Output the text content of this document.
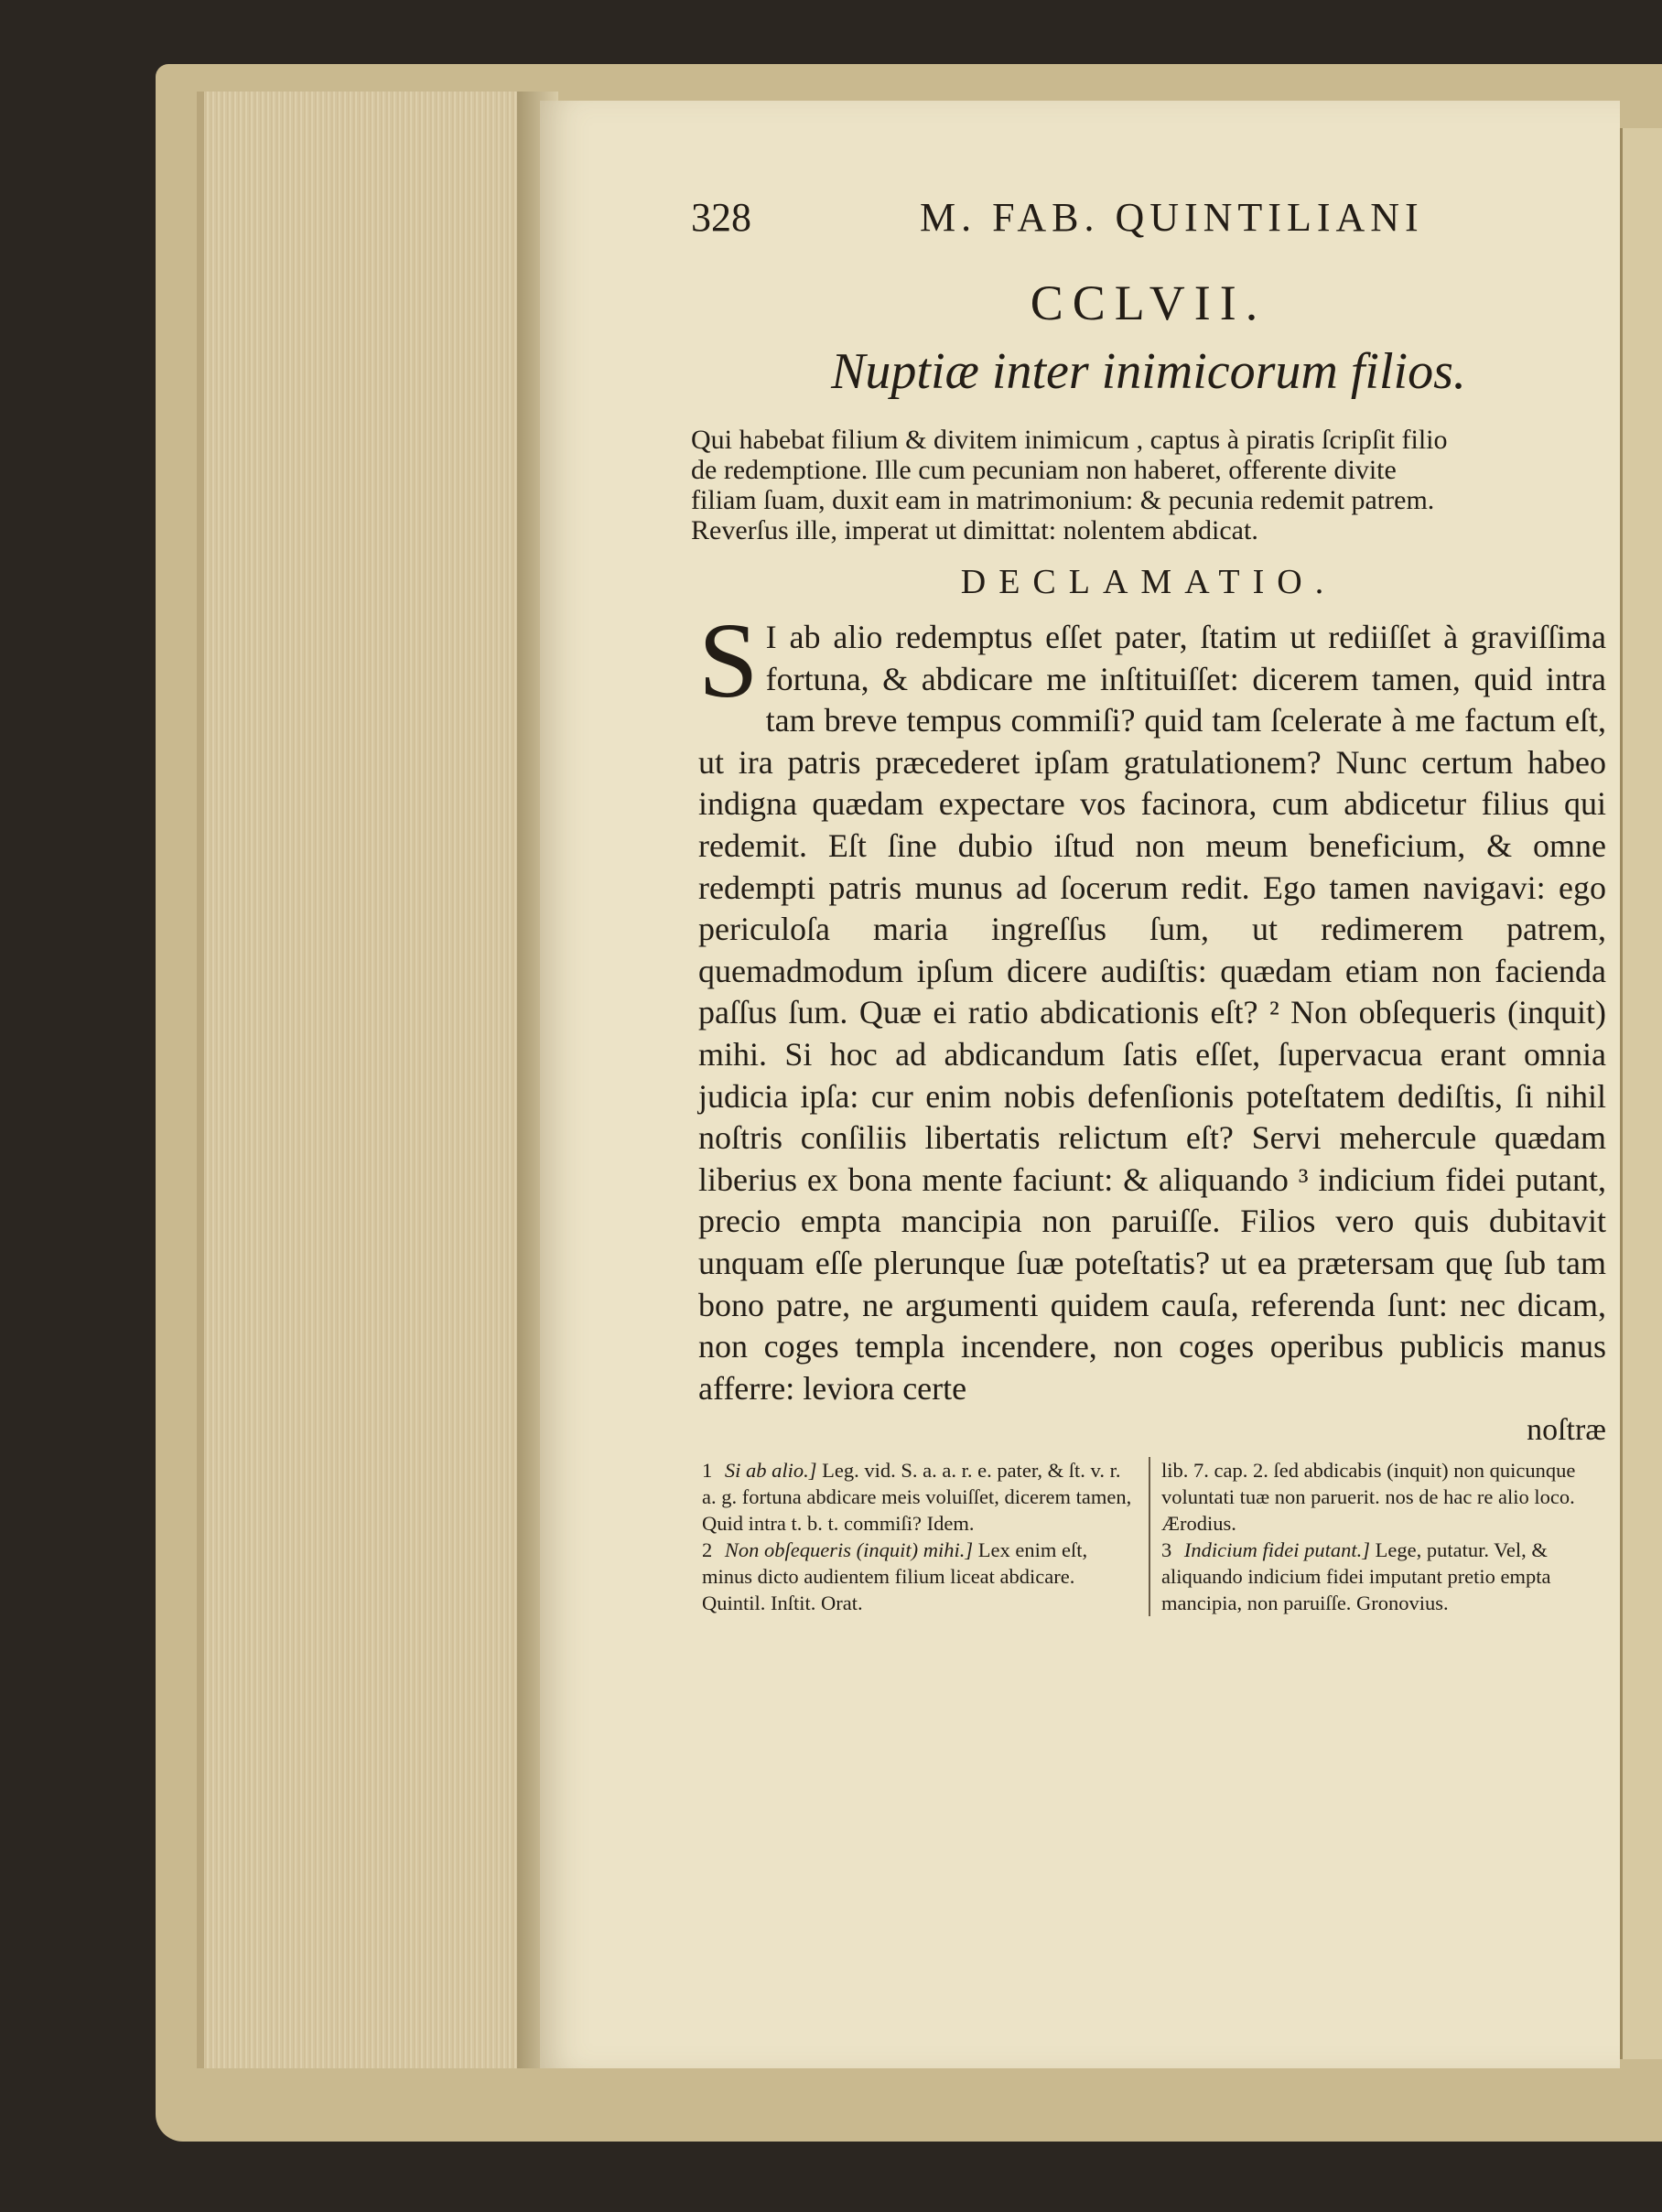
328	M. FAB. QUINTILIANI
CCLVII.
Nuptiæ inter inimicorum filios.
Qui habebat filium & divitem inimicum , captus à piratis ſcripſit filio
de redemptione. Ille cum pecuniam non haberet, offerente divite
filiam ſuam, duxit eam in matrimonium: & pecunia redemit patrem.
Reverſus ille, imperat ut dimittat: nolentem abdicat.
DECLAMATIO.
S I ab alio redemptus eſſet pater, ſtatim ut rediiſſet à graviſſima fortuna, & abdicare me inſtituiſſet: dicerem tamen, quid intra tam breve tempus commiſi? quid tam ſcelerate à me factum eſt, ut ira patris præcederet ipſam gratulationem? Nunc certum habeo indigna quædam expectare vos facinora, cum abdicetur filius qui redemit. Eſt ſine dubio iſtud non meum beneficium, & omne redempti patris munus ad ſocerum redit. Ego tamen navigavi: ego periculoſa maria ingreſſus ſum, ut redimerem patrem, quemadmodum ipſum dicere audiſtis: quædam etiam non facienda paſſus ſum. Quæ ei ratio abdicationis eſt? ² Non obſequeris (inquit) mihi. Si hoc ad abdicandum ſatis eſſet, ſupervacua erant omnia judicia ipſa: cur enim nobis defenſionis poteſtatem dediſtis, ſi nihil noſtris conſiliis libertatis relictum eſt? Servi mehercule quædam liberius ex bona mente faciunt: & aliquando ³ indicium fidei putant, precio empta mancipia non paruiſſe. Filios vero quis dubitavit unquam eſſe plerunque ſuæ poteſtatis? ut ea prætersam quę ſub tam bono patre, ne argumenti quidem cauſa, referenda ſunt: nec dicam, non coges templa incendere, non coges operibus publicis manus afferre: leviora certe
noſtræ
1 Si ab alio.] Leg. vid. S. a. a. r. e. pater, & ſt. v. r. a. g. fortuna abdicare meis voluiſſet, dicerem tamen, Quid intra t. b. t. commiſi? Idem.
2 Non obſequeris (inquit) mihi.] Lex enim eſt, minus dicto audientem filium liceat abdicare. Quintil. Inſtit. Orat.
lib. 7. cap. 2. ſed abdicabis (inquit) non quicunque voluntati tuæ non paruerit. nos de hac re alio loco. Ærodius.
3 Indicium fidei putant.] Lege, putatur. Vel, & aliquando indicium fidei imputant pretio empta mancipia, non paruiſſe. Gronovius.
